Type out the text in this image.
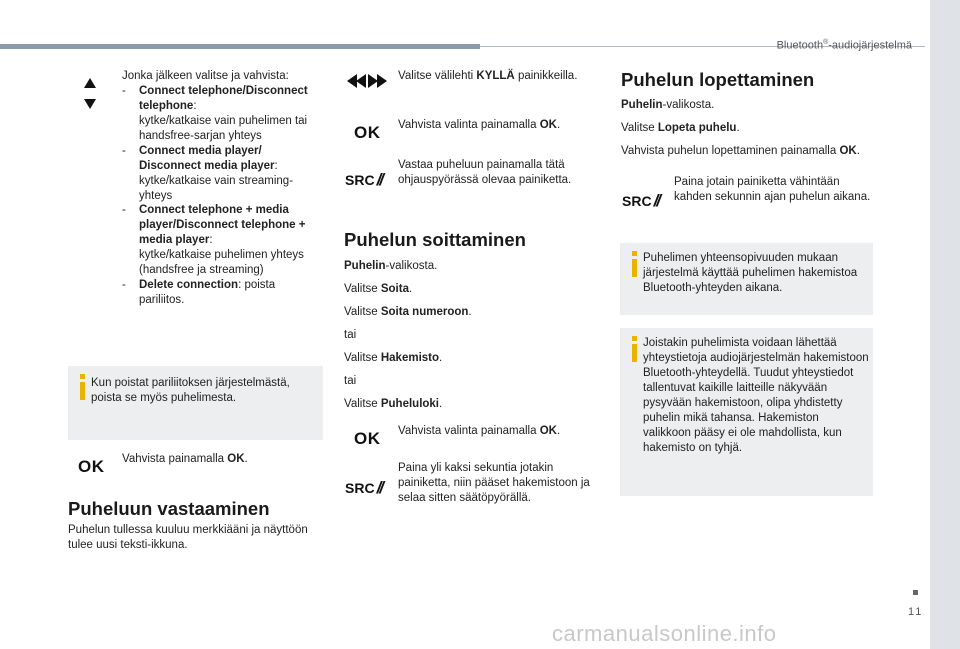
Bluetooth®-audiojärjestelmä
11
Jonka jälkeen valitse ja vahvista:
- Connect telephone/Disconnect telephone:
kytke/katkaise vain puhelimen tai handsfree-sarjan yhteys
- Connect media player/ Disconnect media player:
kytke/katkaise vain streaming-yhteys
- Connect telephone + media player/Disconnect telephone + media player:
kytke/katkaise puhelimen yhteys (handsfree ja streaming)
- Delete connection: poista pariliitos.
Kun poistat pariliitoksen järjestelmästä, poista se myös puhelimesta.
OK Vahvista painamalla OK.
Puheluun vastaaminen
Puhelun tullessa kuuluu merkkiääni ja näyttöön tulee uusi teksti-ikkuna.
Valitse välilehti KYLLÄ painikkeilla.
OK Vahvista valinta painamalla OK.
SRC //
Vastaa puheluun painamalla tätä ohjauspyörässä olevaa painiketta.
Puhelun soittaminen
Puhelin-valikosta.
Valitse Soita.
Valitse Soita numeroon.
tai
Valitse Hakemisto.
tai
Valitse Puheluloki.
OK Vahvista valinta painamalla OK.
SRC //
Paina yli kaksi sekuntia jotakin painiketta, niin pääset hakemistoon ja selaa sitten säätöpyörällä.
Puhelun lopettaminen
Puhelin-valikosta.
Valitse Lopeta puhelu.
Vahvista puhelun lopettaminen painamalla OK.
SRC //
Paina jotain painiketta vähintään kahden sekunnin ajan puhelun aikana.
Puhelimen yhteensopivuuden mukaan järjestelmä käyttää puhelimen hakemistoa Bluetooth-yhteyden aikana.
Joistakin puhelimista voidaan lähettää yhteystietoja audiojärjestelmän hakemistoon Bluetooth-yhteydellä. Tuudut yhteystiedot tallentuvat kaikille laitteille näkyvään pysyvään hakemistoon, olipa yhdistetty puhelin mikä tahansa. Hakemiston valikkoon pääsy ei ole mahdollista, kun hakemisto on tyhjä.
carmanualsonline.info
